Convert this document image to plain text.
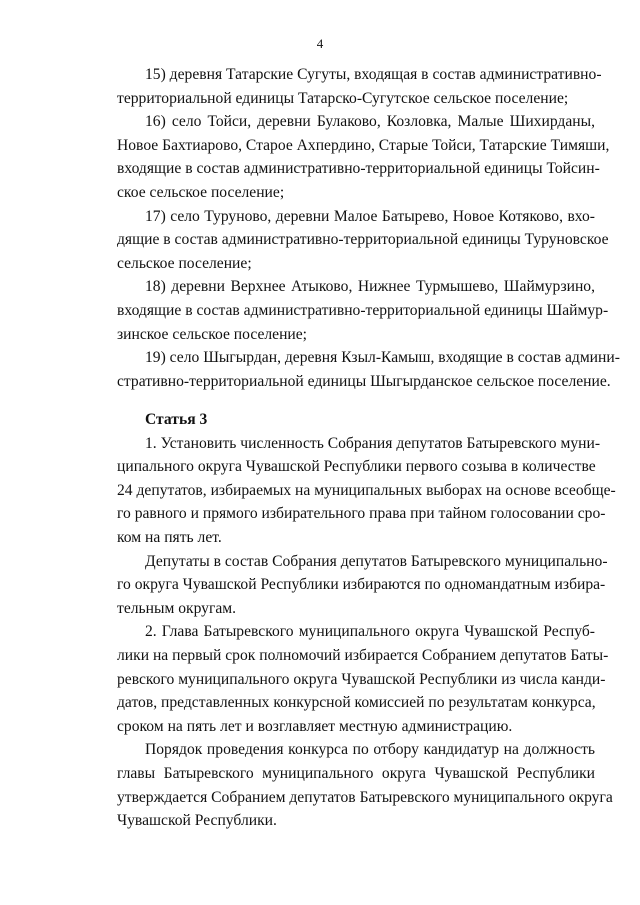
4
15) деревня Татарские Сугуты, входящая в состав административно-
территориальной единицы Татарско-Сугутское сельское поселение;
16) село Тойси, деревни Булаково, Козловка, Малые Шихирданы,
Новое Бахтиарово, Старое Ахпердино, Старые Тойси, Татарские Тимяши,
входящие в состав административно-территориальной единицы Тойсин-
ское сельское поселение;
17) село Туруново, деревни Малое Батырево, Новое Котяково, вхо-
дящие в состав административно-территориальной единицы Туруновское
сельское поселение;
18) деревни Верхнее Атыково, Нижнее Турмышево, Шаймурзино,
входящие в состав административно-территориальной единицы Шаймур-
зинское сельское поселение;
19) село Шыгырдан, деревня Кзыл-Камыш, входящие в состав админи-
стративно-территориальной единицы Шыгырданское сельское поселение.
Статья 3
1. Установить численность Собрания депутатов Батыревского муни-
ципального округа Чувашской Республики первого созыва в количестве
24 депутатов, избираемых на муниципальных выборах на основе всеобще-
го равного и прямого избирательного права при тайном голосовании сро-
ком на пять лет.
Депутаты в состав Собрания депутатов Батыревского муниципально-
го округа Чувашской Республики избираются по одномандатным избира-
тельным округам.
2. Глава Батыревского муниципального округа Чувашской Респуб-
лики на первый срок полномочий избирается Собранием депутатов Баты-
ревского муниципального округа Чувашской Республики из числа канди-
датов, представленных конкурсной комиссией по результатам конкурса,
сроком на пять лет и возглавляет местную администрацию.
Порядок проведения конкурса по отбору кандидатур на должность
главы Батыревского муниципального округа Чувашской Республики
утверждается Собранием депутатов Батыревского муниципального округа
Чувашской Республики.
